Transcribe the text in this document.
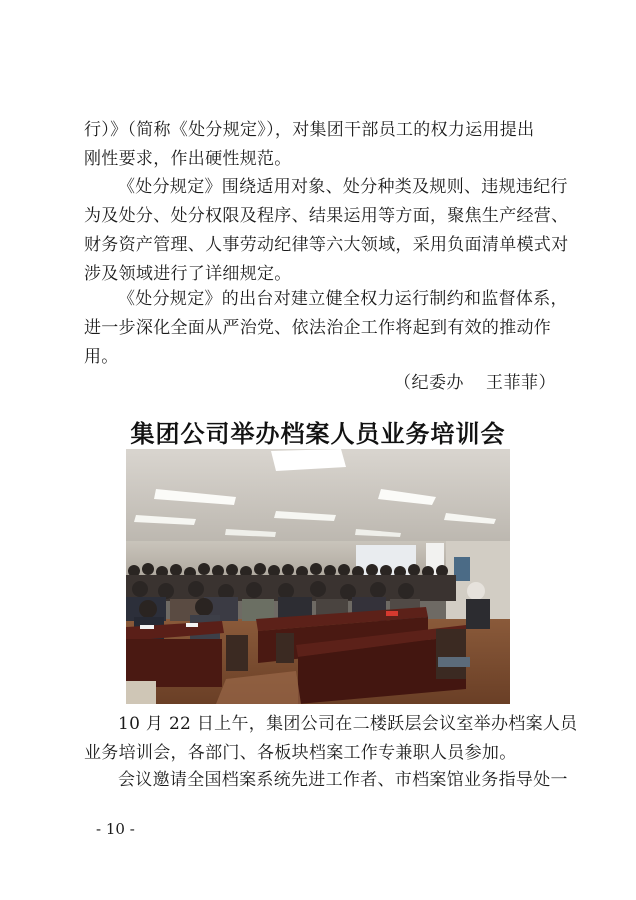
行）》（简称《处分规定》），对集团干部员工的权力运用提出
刚性要求，作出硬性规范。

《处分规定》围绕适用对象、处分种类及规则、违规违纪行
为及处分、处分权限及程序、结果运用等方面，聚焦生产经营、
财务资产管理、人事劳动纪律等六大领域，采用负面清单模式对
涉及领域进行了详细规定。

《处分规定》的出台对建立健全权力运行制约和监督体系，
进一步深化全面从严治党、依法治企工作将起到有效的推动作
用。

（纪委办 王菲菲）
集团公司举办档案人员业务培训会

10 月 22 日上午，集团公司在二楼跃层会议室举办档案人员
业务培训会，各部门、各板块档案工作专兼职人员参加。

会议邀请全国档案系统先进工作者、市档案馆业务指导处一

- 10 -
